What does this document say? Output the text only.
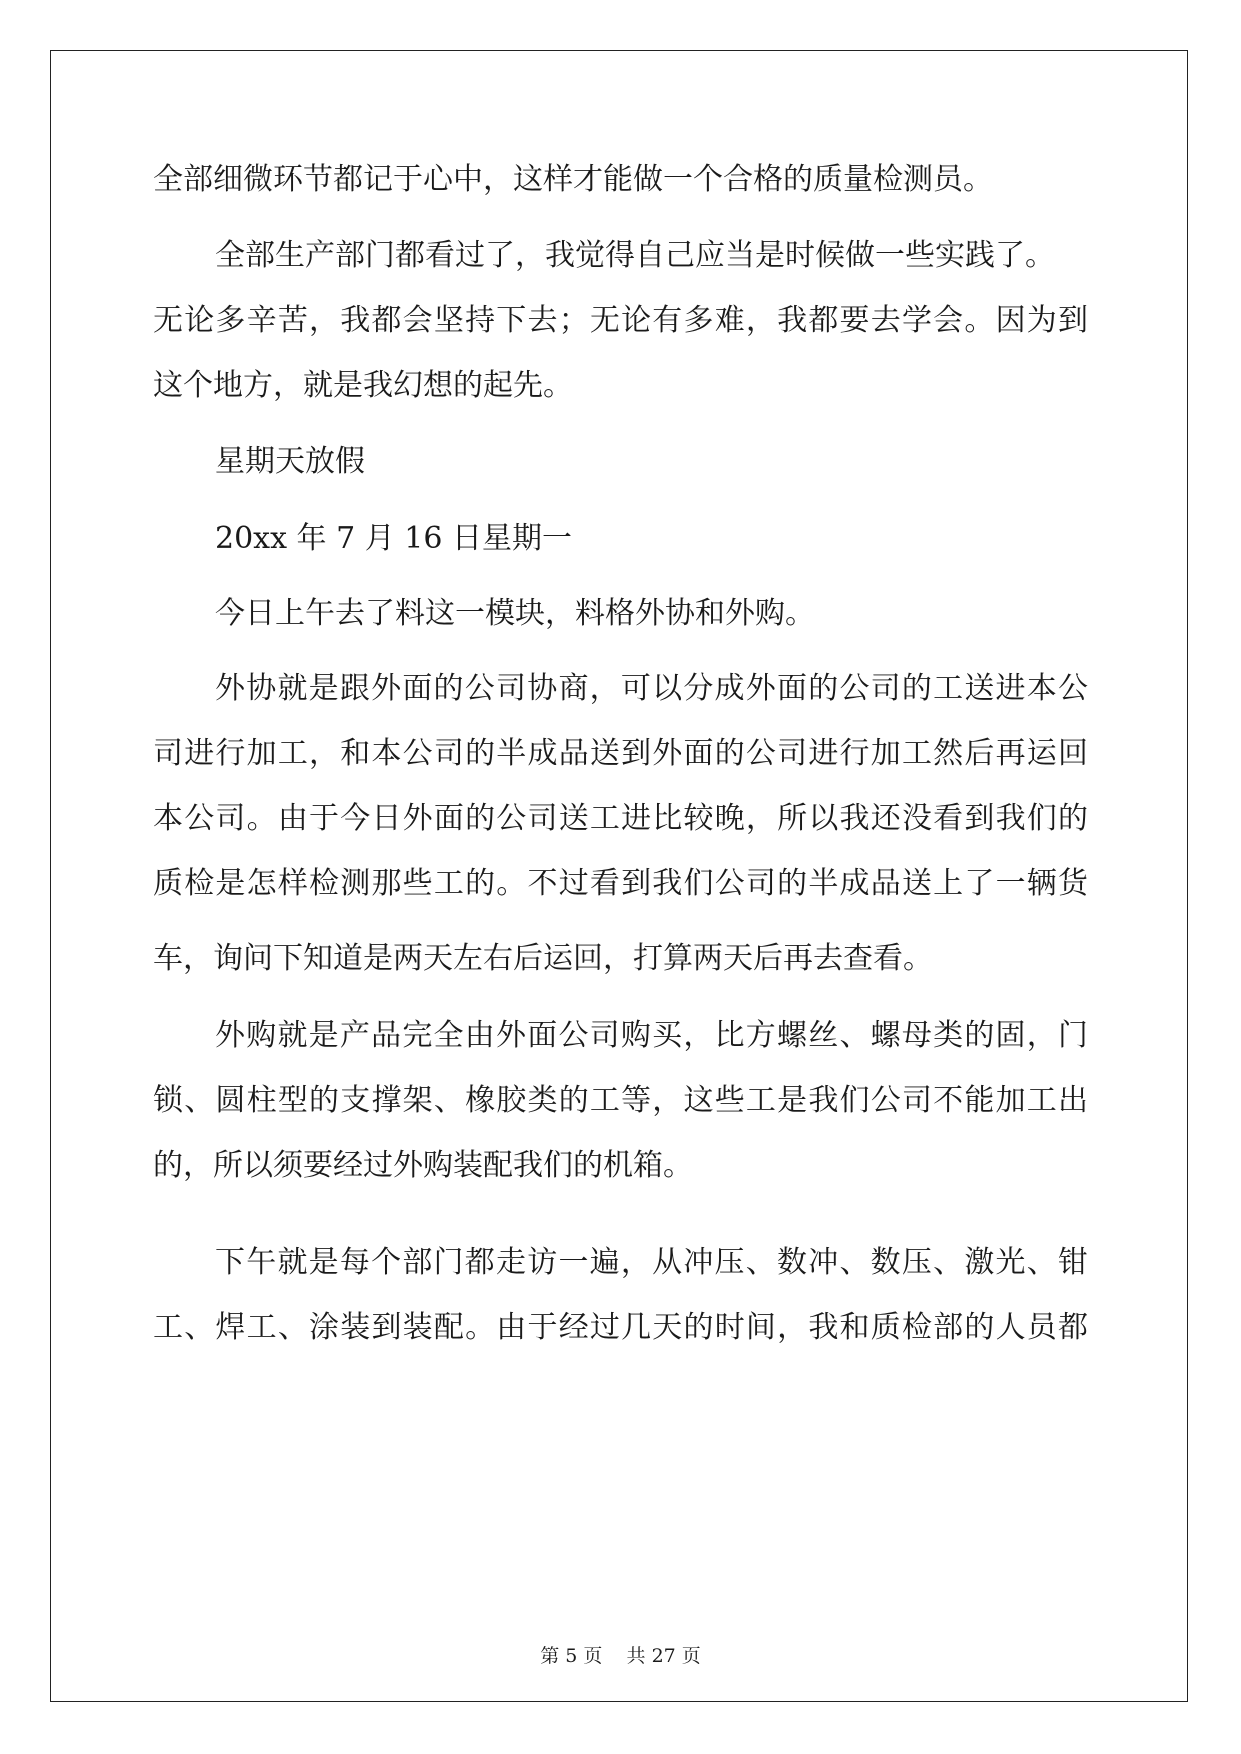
全部细微环节都记于心中，这样才能做一个合格的质量检测员。
全部生产部门都看过了，我觉得自己应当是时候做一些实践了。
无论多辛苦，我都会坚持下去；无论有多难，我都要去学会。因为到
这个地方，就是我幻想的起先。
星期天放假
20xx 年 7 月 16 日星期一
今日上午去了料这一模块，料格外协和外购。
外协就是跟外面的公司协商，可以分成外面的公司的工送进本公
司进行加工，和本公司的半成品送到外面的公司进行加工然后再运回
本公司。由于今日外面的公司送工进比较晚，所以我还没看到我们的
质检是怎样检测那些工的。不过看到我们公司的半成品送上了一辆货
车，询问下知道是两天左右后运回，打算两天后再去查看。
外购就是产品完全由外面公司购买，比方螺丝、螺母类的固，门
锁、圆柱型的支撑架、橡胶类的工等，这些工是我们公司不能加工出
的，所以须要经过外购装配我们的机箱。
下午就是每个部门都走访一遍，从冲压、数冲、数压、激光、钳
工、焊工、涂装到装配。由于经过几天的时间，我和质检部的人员都
第 5 页    共 27 页
